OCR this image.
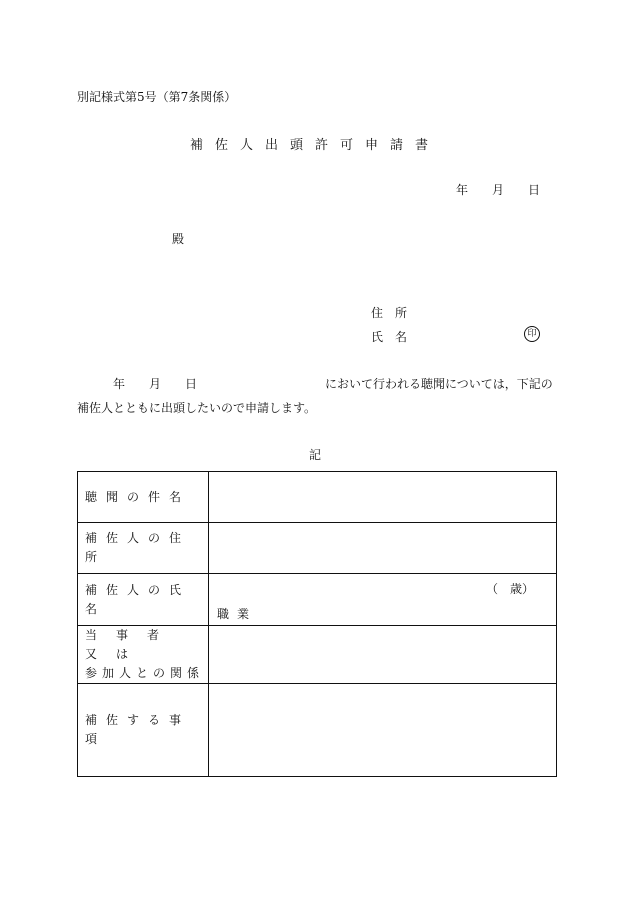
別記様式第5号（第7条関係）
補佐人出頭許可申請書
年 月 日
殿
住　所
氏　名	印
年 月 日	において行われる聴聞については，下記の
補佐人とともに出頭したいので申請します。
記
聴聞の件名	
補佐人の住所	
補佐人の氏名	（　歳）
職業

当事者又は
参加人との関係	

補佐する事項	
